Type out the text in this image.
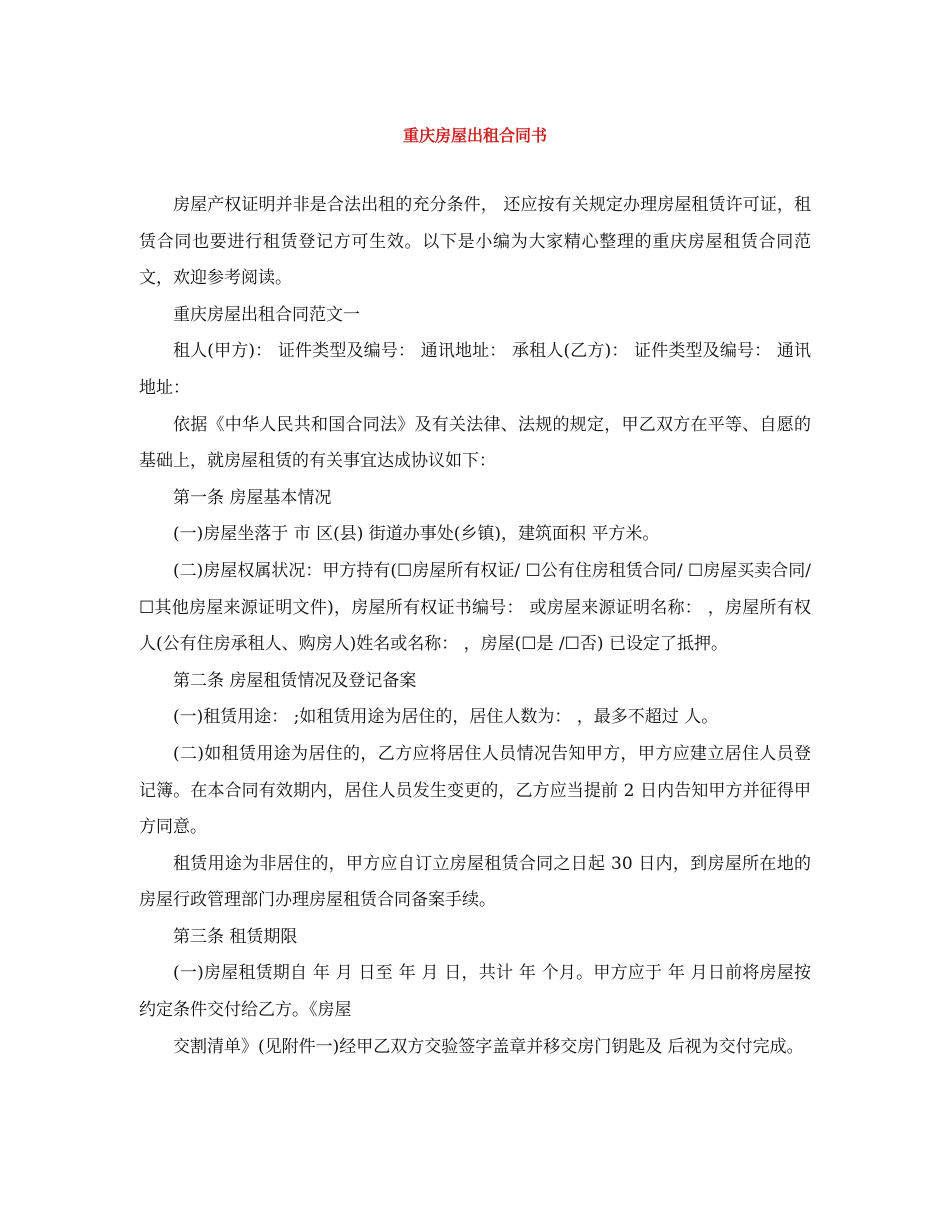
重庆房屋出租合同书

房屋产权证明并非是合法出租的充分条件， 还应按有关规定办理房屋租赁许可证，租赁合同也要进行租赁登记方可生效。以下是小编为大家精心整理的重庆房屋租赁合同范文，欢迎参考阅读。

重庆房屋出租合同范文一

租人(甲方)： 证件类型及编号： 通讯地址： 承租人(乙方)： 证件类型及编号： 通讯地址：

依据《中华人民共和国合同法》及有关法律、法规的规定，甲乙双方在平等、自愿的基础上，就房屋租赁的有关事宜达成协议如下：

第一条 房屋基本情况

(一)房屋坐落于 市 区(县) 街道办事处(乡镇)，建筑面积 平方米。

(二)房屋权属状况：甲方持有(☐房屋所有权证/ ☐公有住房租赁合同/ ☐房屋买卖合同/ ☐其他房屋来源证明文件)，房屋所有权证书编号： 或房屋来源证明名称： ，房屋所有权人(公有住房承租人、购房人)姓名或名称： ，房屋(☐是 /☐否) 已设定了抵押。

第二条 房屋租赁情况及登记备案

(一)租赁用途： ;如租赁用途为居住的，居住人数为： ，最多不超过 人。

(二)如租赁用途为居住的，乙方应将居住人员情况告知甲方，甲方应建立居住人员登记簿。在本合同有效期内，居住人员发生变更的，乙方应当提前 2 日内告知甲方并征得甲方同意。

租赁用途为非居住的，甲方应自订立房屋租赁合同之日起 30 日内，到房屋所在地的房屋行政管理部门办理房屋租赁合同备案手续。

第三条 租赁期限

(一)房屋租赁期自 年 月 日至 年 月 日，共计 年 个月。甲方应于 年 月日前将房屋按约定条件交付给乙方。《房屋

交割清单》(见附件一)经甲乙双方交验签字盖章并移交房门钥匙及 后视为交付完成。
